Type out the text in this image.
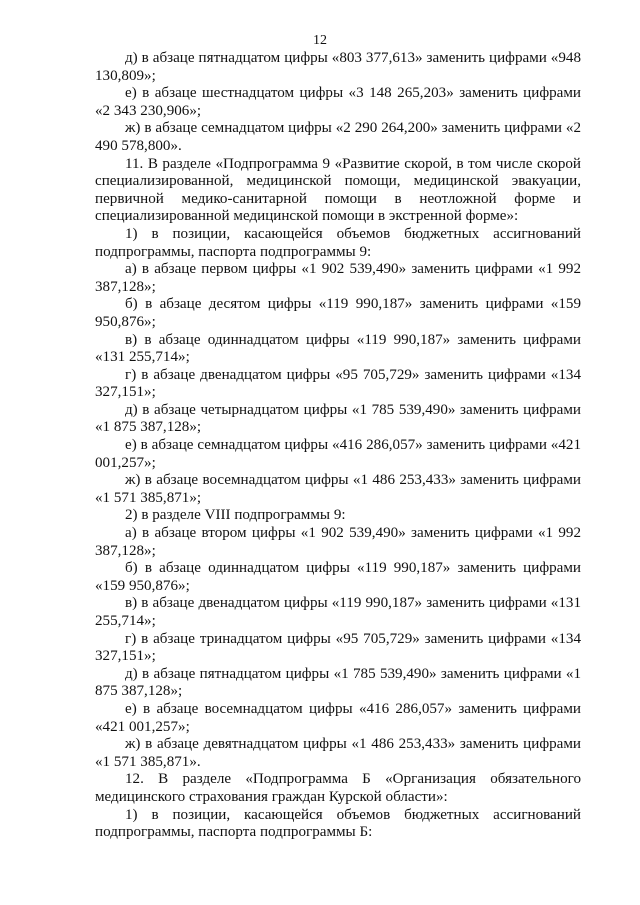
12

д) в абзаце пятнадцатом цифры «803 377,613» заменить цифрами «948 130,809»;

е) в абзаце шестнадцатом цифры «3 148 265,203» заменить цифрами «2 343 230,906»;

ж) в абзаце семнадцатом цифры «2 290 264,200» заменить цифрами «2 490 578,800».

11. В разделе «Подпрограмма 9 «Развитие скорой, в том числе скорой специализированной, медицинской помощи, медицинской эвакуации, первичной медико-санитарной помощи в неотложной форме и специализированной медицинской помощи в экстренной форме»:

1) в позиции, касающейся объемов бюджетных ассигнований подпрограммы, паспорта подпрограммы 9:

а) в абзаце первом цифры «1 902 539,490» заменить цифрами «1 992 387,128»;

б) в абзаце десятом цифры «119 990,187» заменить цифрами «159 950,876»;

в) в абзаце одиннадцатом цифры «119 990,187» заменить цифрами «131 255,714»;

г) в абзаце двенадцатом цифры «95 705,729» заменить цифрами «134 327,151»;

д) в абзаце четырнадцатом цифры «1 785 539,490» заменить цифрами «1 875 387,128»;

е) в абзаце семнадцатом цифры «416 286,057» заменить цифрами «421 001,257»;

ж) в абзаце восемнадцатом цифры «1 486 253,433» заменить цифрами «1 571 385,871»;

2) в разделе VIII подпрограммы 9:

а) в абзаце втором цифры «1 902 539,490» заменить цифрами «1 992 387,128»;

б) в абзаце одиннадцатом цифры «119 990,187» заменить цифрами «159 950,876»;

в) в абзаце двенадцатом цифры «119 990,187» заменить цифрами «131 255,714»;

г) в абзаце тринадцатом цифры «95 705,729» заменить цифрами «134 327,151»;

д) в абзаце пятнадцатом цифры «1 785 539,490» заменить цифрами «1 875 387,128»;

е) в абзаце восемнадцатом цифры «416 286,057» заменить цифрами «421 001,257»;

ж) в абзаце девятнадцатом цифры «1 486 253,433» заменить цифрами «1 571 385,871».

12. В разделе «Подпрограмма Б «Организация обязательного медицинского страхования граждан Курской области»:

1) в позиции, касающейся объемов бюджетных ассигнований подпрограммы, паспорта подпрограммы Б:
